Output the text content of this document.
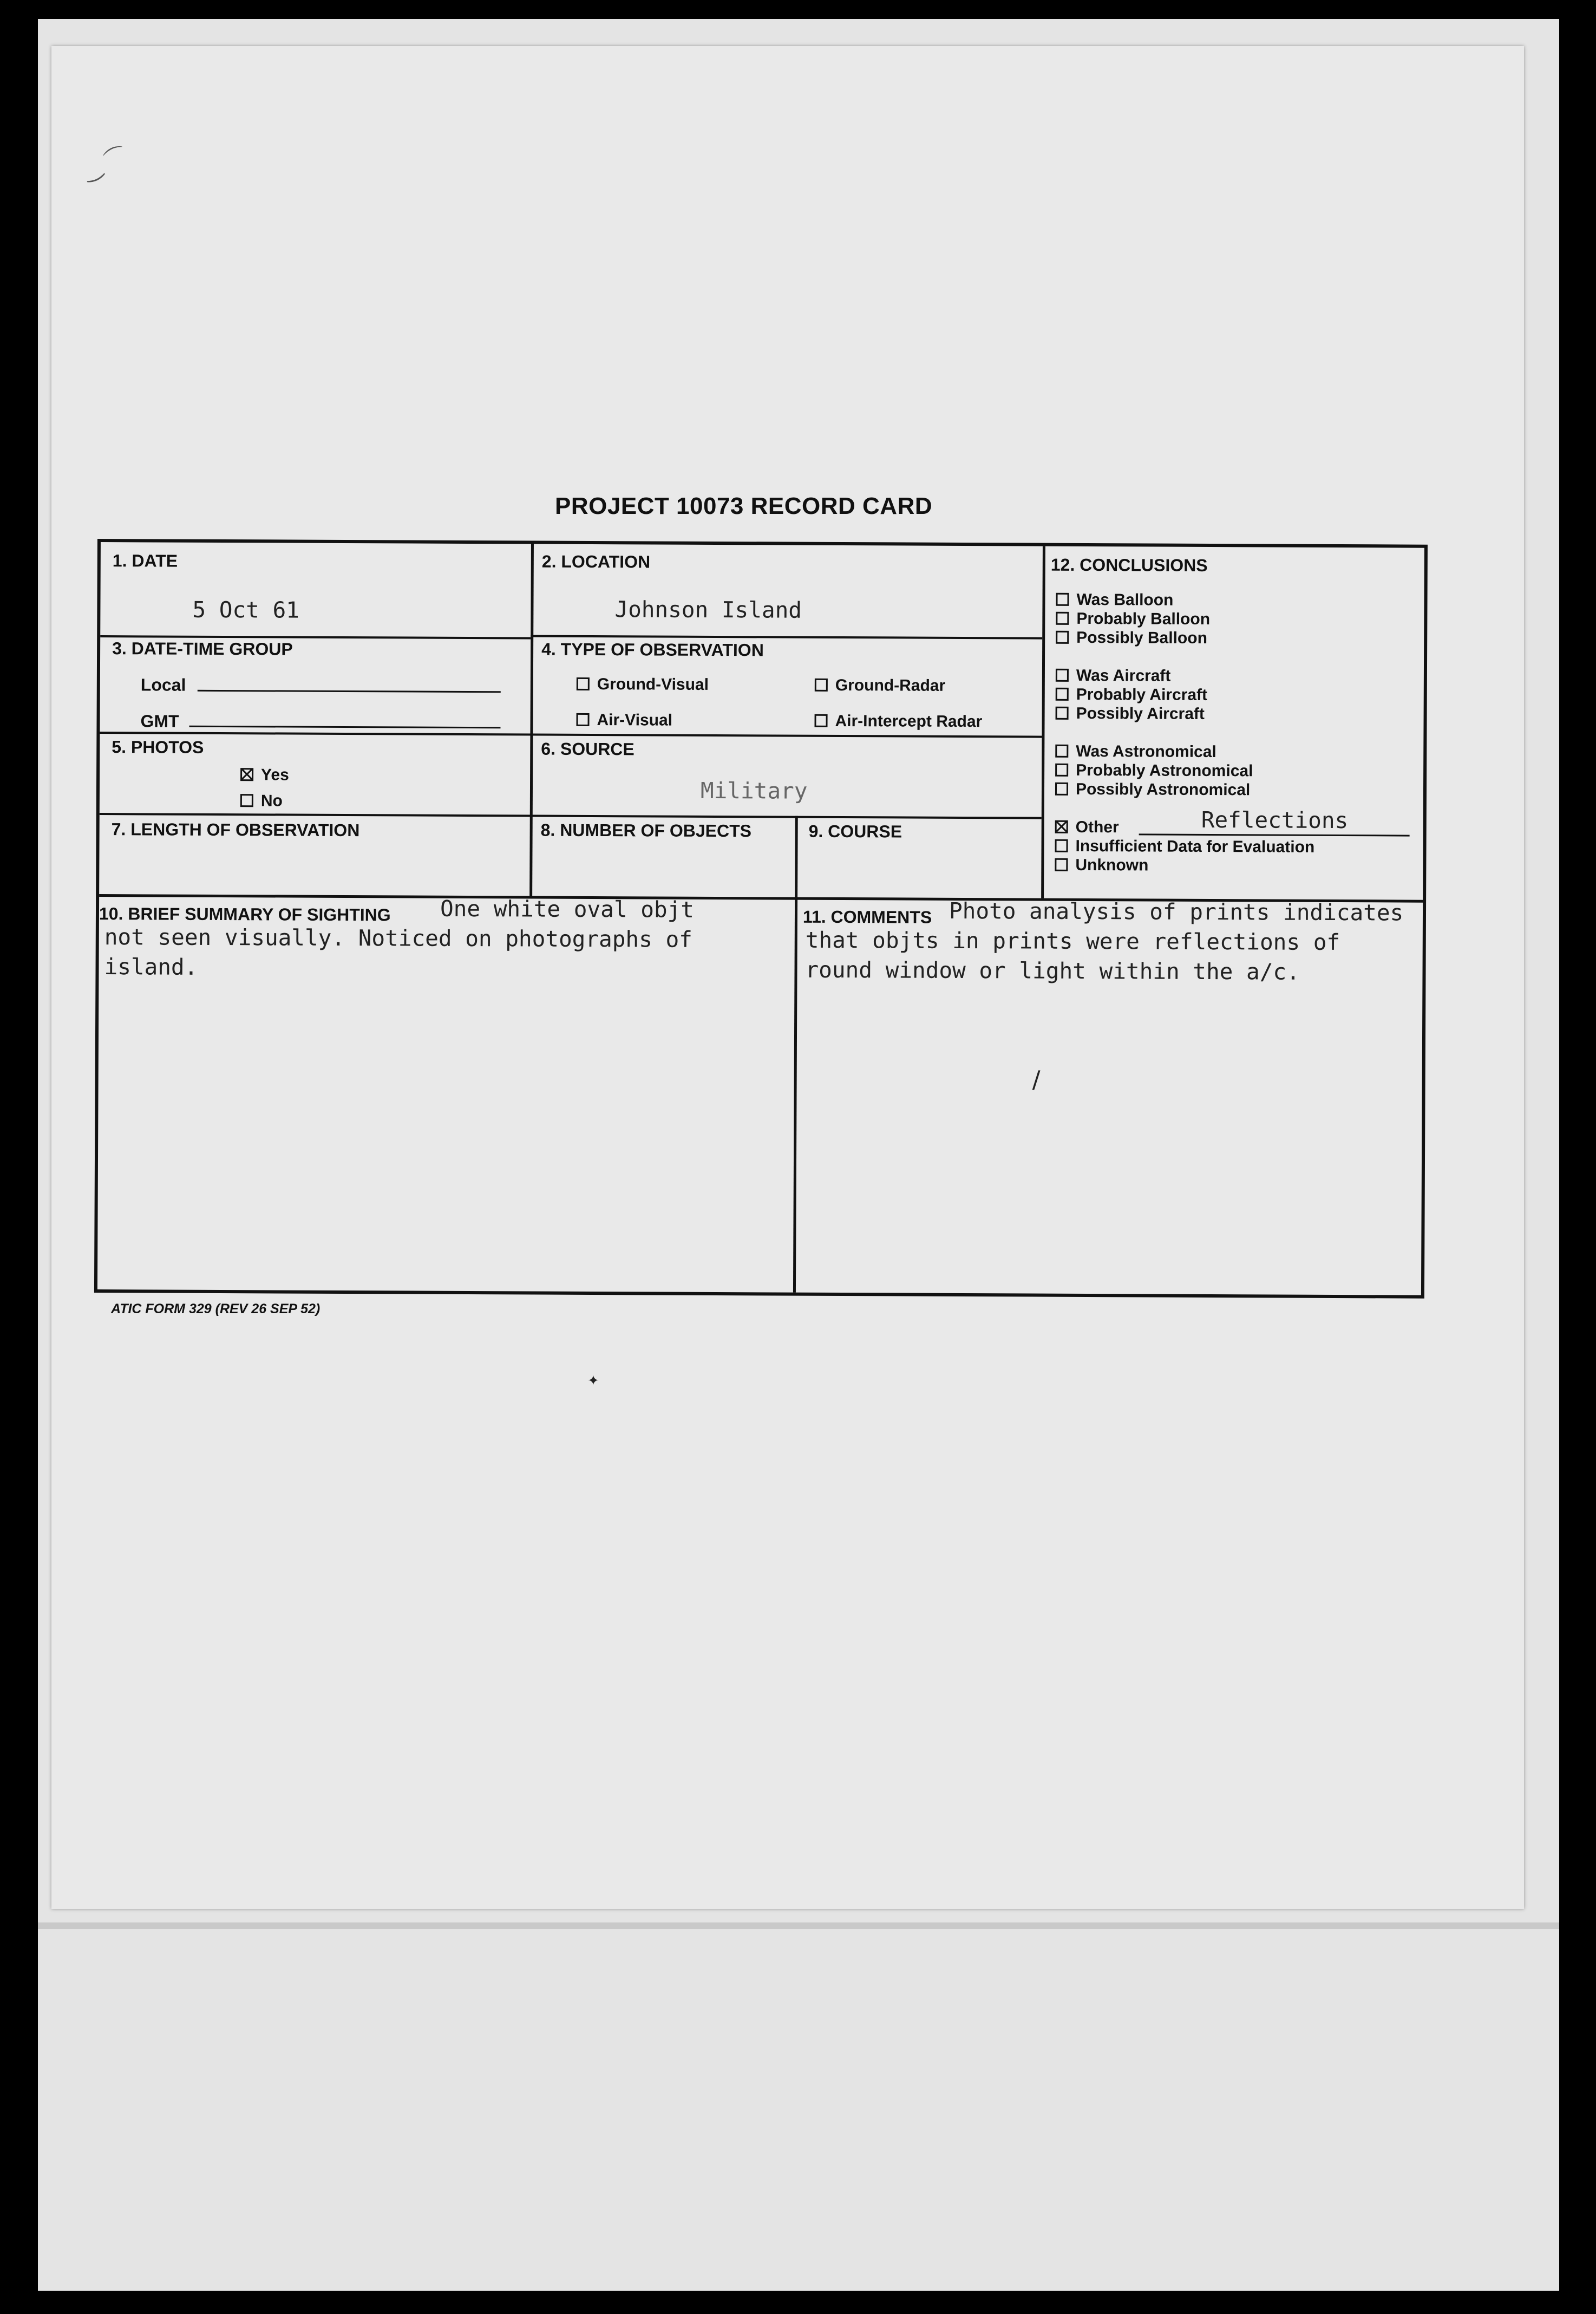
‿ ⌒
PROJECT 10073 RECORD CARD
1. DATE
5 Oct 61
2. LOCATION
Johnson Island
3. DATE-TIME GROUP
Local
GMT
4. TYPE OF OBSERVATION
Ground-Visual	Ground-Radar
Air-Visual	Air-Intercept Radar
5. PHOTOS
Yes
No
6. SOURCE
Military
7. LENGTH OF OBSERVATION	8. NUMBER OF OBJECTS	9. COURSE
12. CONCLUSIONS
Was Balloon
Probably Balloon
Possibly Balloon
Was Aircraft
Probably Aircraft
Possibly Aircraft
Was Astronomical
Probably Astronomical
Possibly Astronomical
Other	Reflections
Insufficient Data for Evaluation
Unknown
10. BRIEF SUMMARY OF SIGHTING One white oval objt
not seen visually. Noticed on photographs of
island.
11. COMMENTS Photo analysis of prints indicates
that objts in prints were reflections of
round window or light within the a/c.
/
ATIC FORM 329 (REV 26 SEP 52)
✦
